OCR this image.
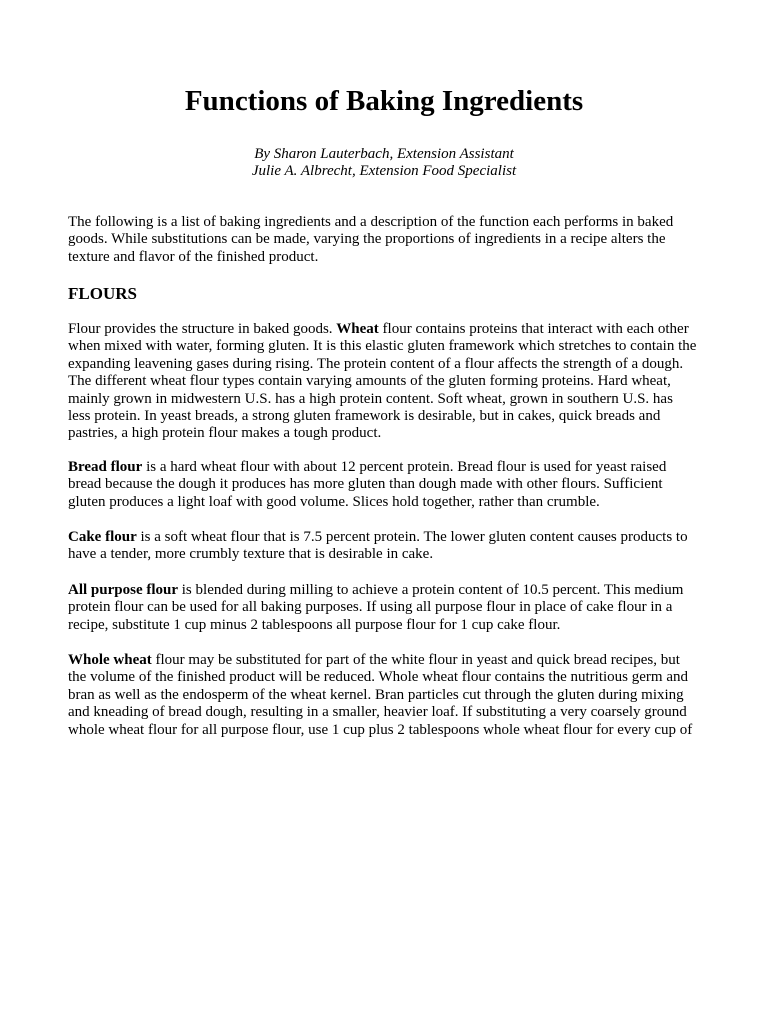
Functions of Baking Ingredients
By Sharon Lauterbach, Extension Assistant
Julie A. Albrecht, Extension Food Specialist

The following is a list of baking ingredients and a description of the function each performs in baked
goods. While substitutions can be made, varying the proportions of ingredients in a recipe alters the
texture and flavor of the finished product.

FLOURS

Flour provides the structure in baked goods. Wheat flour contains proteins that interact with each other
when mixed with water, forming gluten. It is this elastic gluten framework which stretches to contain the
expanding leavening gases during rising. The protein content of a flour affects the strength of a dough.
The different wheat flour types contain varying amounts of the gluten forming proteins. Hard wheat,
mainly grown in midwestern U.S. has a high protein content. Soft wheat, grown in southern U.S. has
less protein. In yeast breads, a strong gluten framework is desirable, but in cakes, quick breads and
pastries, a high protein flour makes a tough product.

Bread flour is a hard wheat flour with about 12 percent protein. Bread flour is used for yeast raised
bread because the dough it produces has more gluten than dough made with other flours. Sufficient
gluten produces a light loaf with good volume. Slices hold together, rather than crumble.

Cake flour is a soft wheat flour that is 7.5 percent protein. The lower gluten content causes products to
have a tender, more crumbly texture that is desirable in cake.

All purpose flour is blended during milling to achieve a protein content of 10.5 percent. This medium
protein flour can be used for all baking purposes. If using all purpose flour in place of cake flour in a
recipe, substitute 1 cup minus 2 tablespoons all purpose flour for 1 cup cake flour.

Whole wheat flour may be substituted for part of the white flour in yeast and quick bread recipes, but
the volume of the finished product will be reduced. Whole wheat flour contains the nutritious germ and
bran as well as the endosperm of the wheat kernel. Bran particles cut through the gluten during mixing
and kneading of bread dough, resulting in a smaller, heavier loaf. If substituting a very coarsely ground
whole wheat flour for all purpose flour, use 1 cup plus 2 tablespoons whole wheat flour for every cup of
